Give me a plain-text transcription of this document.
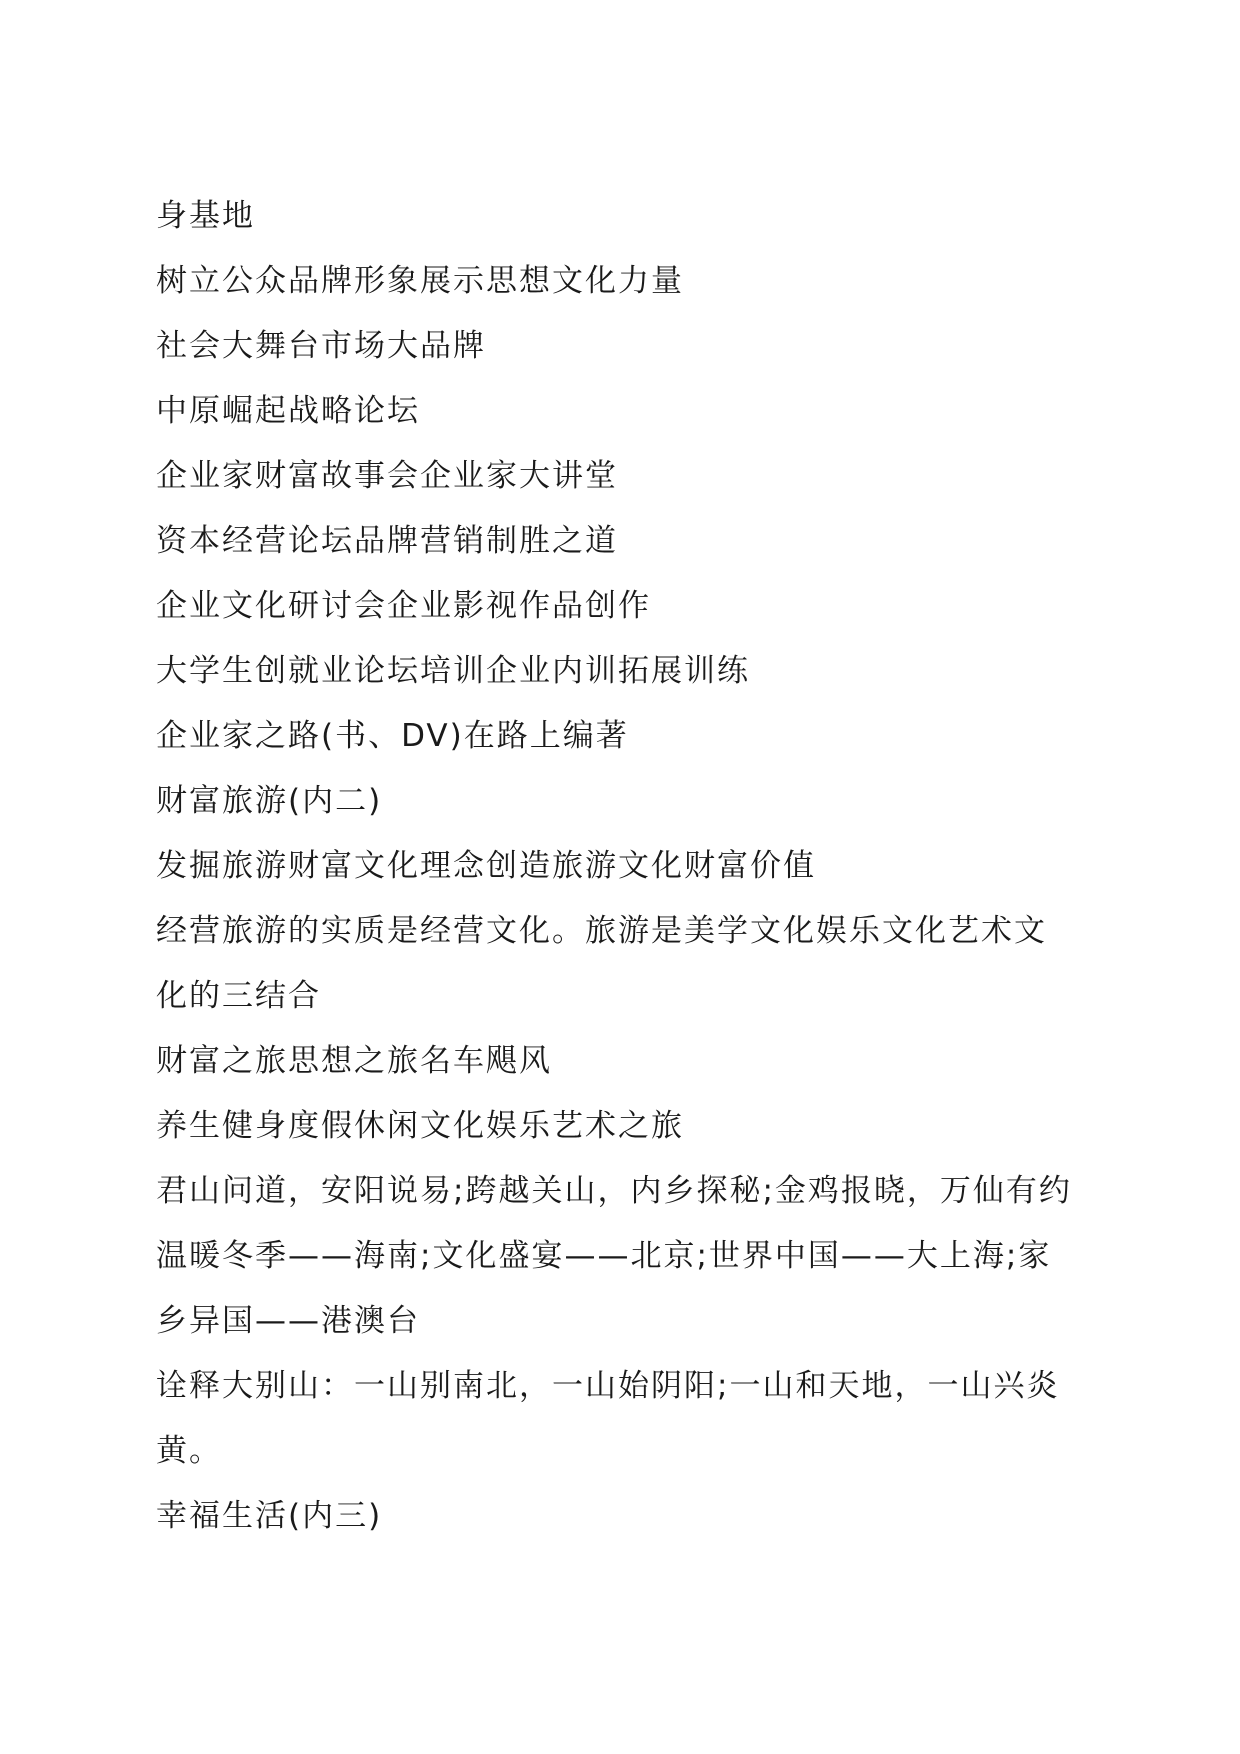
身基地
树立公众品牌形象展示思想文化力量
社会大舞台市场大品牌
中原崛起战略论坛
企业家财富故事会企业家大讲堂
资本经营论坛品牌营销制胜之道
企业文化研讨会企业影视作品创作
大学生创就业论坛培训企业内训拓展训练
企业家之路(书、DV)在路上编著
财富旅游(内二)
发掘旅游财富文化理念创造旅游文化财富价值
经营旅游的实质是经营文化。旅游是美学文化娱乐文化艺术文
化的三结合
财富之旅思想之旅名车飓风
养生健身度假休闲文化娱乐艺术之旅
君山问道，安阳说易;跨越关山，内乡探秘;金鸡报晓，万仙有约
温暖冬季——海南;文化盛宴——北京;世界中国——大上海;家
乡异国——港澳台
诠释大别山：一山别南北，一山始阴阳;一山和天地，一山兴炎
黄。
幸福生活(内三)
